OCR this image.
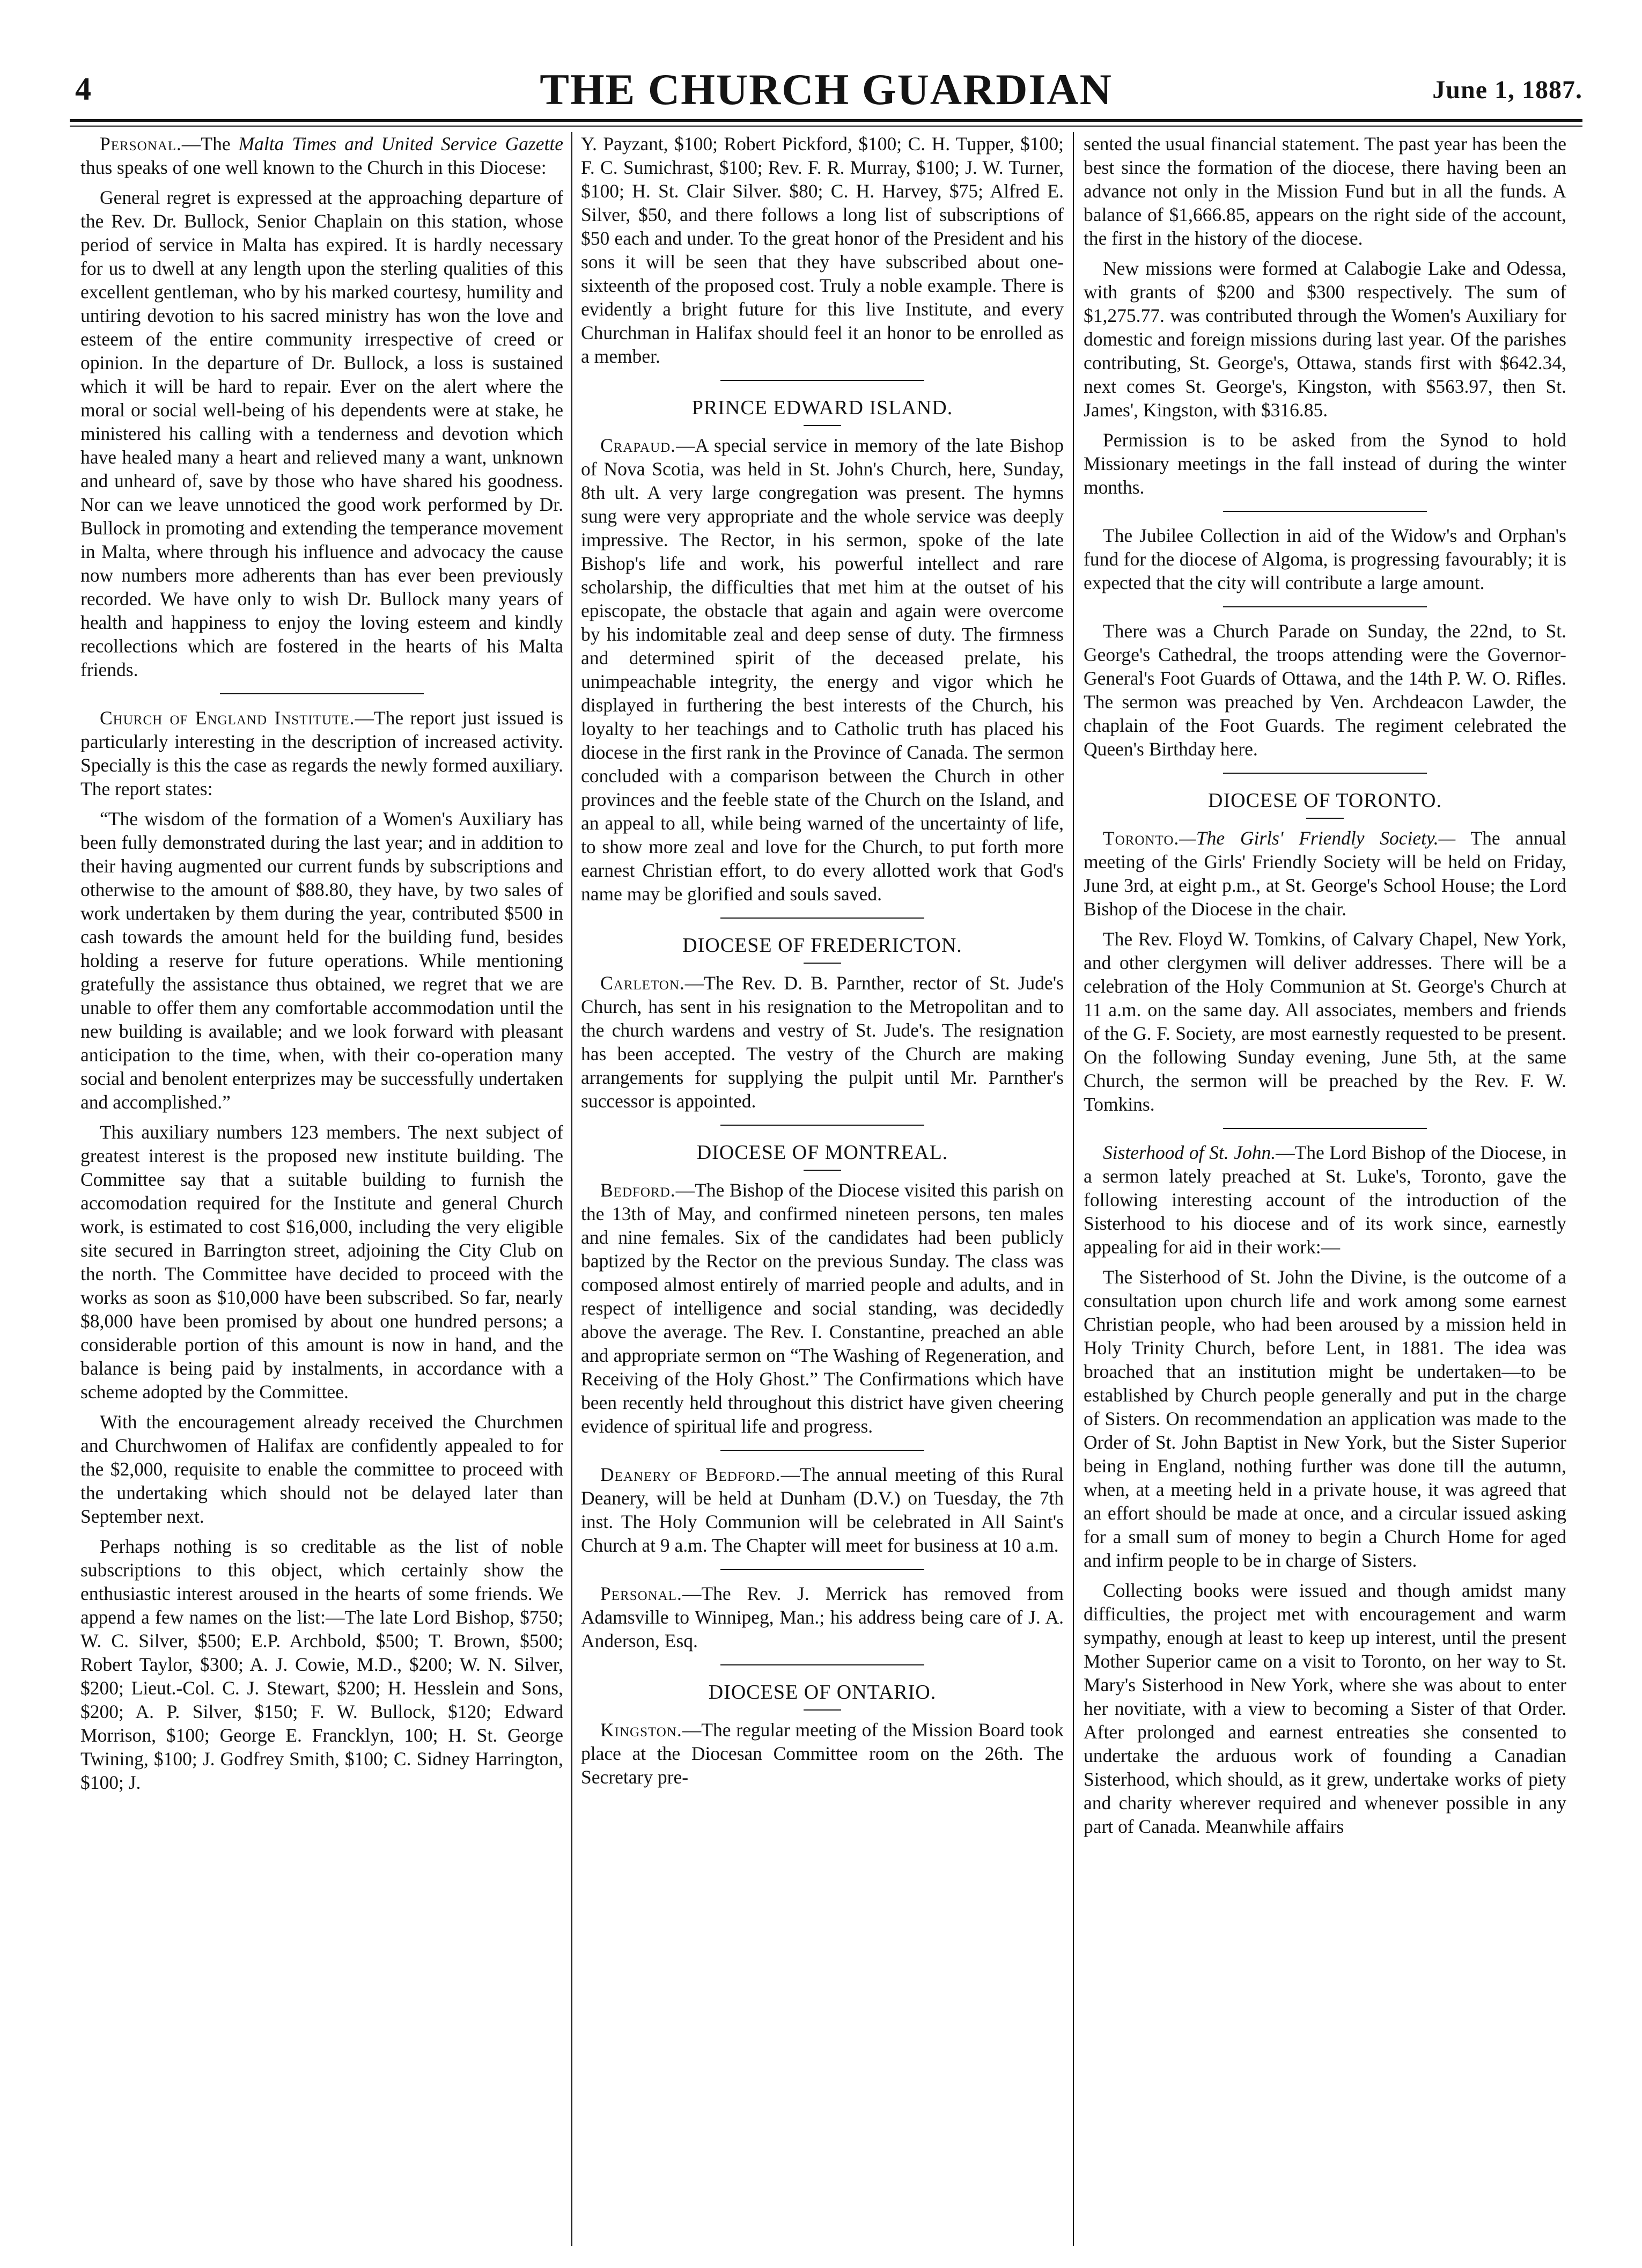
4	THE CHURCH GUARDIAN	June 1, 1887.

Personal.—The Malta Times and United Service Gazette thus speaks of one well known to the Church in this Diocese:

General regret is expressed at the approaching departure of the Rev. Dr. Bullock, Senior Chaplain on this station, whose period of service in Malta has expired. It is hardly necessary for us to dwell at any length upon the sterling qualities of this excellent gentleman, who by his marked courtesy, humility and untiring devotion to his sacred ministry has won the love and esteem of the entire community irrespective of creed or opinion. In the departure of Dr. Bullock, a loss is sustained which it will be hard to repair. Ever on the alert where the moral or social well-being of his dependents were at stake, he ministered his calling with a tenderness and devotion which have healed many a heart and relieved many a want, unknown and unheard of, save by those who have shared his goodness. Nor can we leave unnoticed the good work performed by Dr. Bullock in promoting and extending the temperance movement in Malta, where through his influence and advocacy the cause now numbers more adherents than has ever been previously recorded. We have only to wish Dr. Bullock many years of health and happiness to enjoy the loving esteem and kindly recollections which are fostered in the hearts of his Malta friends.

Church of England Institute.—The report just issued is particularly interesting in the description of increased activity. Specially is this the case as regards the newly formed auxiliary. The report states:

“The wisdom of the formation of a Women's Auxiliary has been fully demonstrated during the last year; and in addition to their having augmented our current funds by subscriptions and otherwise to the amount of $88.80, they have, by two sales of work undertaken by them during the year, contributed $500 in cash towards the amount held for the building fund, besides holding a reserve for future operations. While mentioning gratefully the assistance thus obtained, we regret that we are unable to offer them any comfortable accommodation until the new building is available; and we look forward with pleasant anticipation to the time, when, with their co-operation many social and benolent enterprizes may be successfully undertaken and accomplished.”

This auxiliary numbers 123 members. The next subject of greatest interest is the proposed new institute building. The Committee say that a suitable building to furnish the accomodation required for the Institute and general Church work, is estimated to cost $16,000, including the very eligible site secured in Barrington street, adjoining the City Club on the north. The Committee have decided to proceed with the works as soon as $10,000 have been subscribed. So far, nearly $8,000 have been promised by about one hundred persons; a considerable portion of this amount is now in hand, and the balance is being paid by instalments, in accordance with a scheme adopted by the Committee.

With the encouragement already received the Churchmen and Churchwomen of Halifax are confidently appealed to for the $2,000, requisite to enable the committee to proceed with the undertaking which should not be delayed later than September next.

Perhaps nothing is so creditable as the list of noble subscriptions to this object, which certainly show the enthusiastic interest aroused in the hearts of some friends. We append a few names on the list:—The late Lord Bishop, $750; W. C. Silver, $500; E.P. Archbold, $500; T. Brown, $500; Robert Taylor, $300; A. J. Cowie, M.D., $200; W. N. Silver, $200; Lieut.-Col. C. J. Stewart, $200; H. Hesslein and Sons, $200; A. P. Silver, $150; F. W. Bullock, $120; Edward Morrison, $100; George E. Francklyn, 100; H. St. George Twining, $100; J. Godfrey Smith, $100; C. Sidney Harrington, $100; J.

Y. Payzant, $100; Robert Pickford, $100; C. H. Tupper, $100; F. C. Sumichrast, $100; Rev. F. R. Murray, $100; J. W. Turner, $100; H. St. Clair Silver. $80; C. H. Harvey, $75; Alfred E. Silver, $50, and there follows a long list of subscriptions of $50 each and under. To the great honor of the President and his sons it will be seen that they have subscribed about one-sixteenth of the proposed cost. Truly a noble example. There is evidently a bright future for this live Institute, and every Churchman in Halifax should feel it an honor to be enrolled as a member.

PRINCE EDWARD ISLAND.

Crapaud.—A special service in memory of the late Bishop of Nova Scotia, was held in St. John's Church, here, Sunday, 8th ult. A very large congregation was present. The hymns sung were very appropriate and the whole service was deeply impressive. The Rector, in his sermon, spoke of the late Bishop's life and work, his powerful intellect and rare scholarship, the difficulties that met him at the outset of his episcopate, the obstacle that again and again were overcome by his indomitable zeal and deep sense of duty. The firmness and determined spirit of the deceased prelate, his unimpeachable integrity, the energy and vigor which he displayed in furthering the best interests of the Church, his loyalty to her teachings and to Catholic truth has placed his diocese in the first rank in the Province of Canada. The sermon concluded with a comparison between the Church in other provinces and the feeble state of the Church on the Island, and an appeal to all, while being warned of the uncertainty of life, to show more zeal and love for the Church, to put forth more earnest Christian effort, to do every allotted work that God's name may be glorified and souls saved.

DIOCESE OF FREDERICTON.

Carleton.—The Rev. D. B. Parnther, rector of St. Jude's Church, has sent in his resignation to the Metropolitan and to the church wardens and vestry of St. Jude's. The resignation has been accepted. The vestry of the Church are making arrangements for supplying the pulpit until Mr. Parnther's successor is appointed.

DIOCESE OF MONTREAL.

Bedford.—The Bishop of the Diocese visited this parish on the 13th of May, and confirmed nineteen persons, ten males and nine females. Six of the candidates had been publicly baptized by the Rector on the previous Sunday. The class was composed almost entirely of married people and adults, and in respect of intelligence and social standing, was decidedly above the average. The Rev. I. Constantine, preached an able and appropriate sermon on “The Washing of Regeneration, and Receiving of the Holy Ghost.” The Confirmations which have been recently held throughout this district have given cheering evidence of spiritual life and progress.

Deanery of Bedford.—The annual meeting of this Rural Deanery, will be held at Dunham (D.V.) on Tuesday, the 7th inst. The Holy Communion will be celebrated in All Saint's Church at 9 a.m. The Chapter will meet for business at 10 a.m.

Personal.—The Rev. J. Merrick has removed from Adamsville to Winnipeg, Man.; his address being care of J. A. Anderson, Esq.

DIOCESE OF ONTARIO.

Kingston.—The regular meeting of the Mission Board took place at the Diocesan Committee room on the 26th. The Secretary pre-

sented the usual financial statement. The past year has been the best since the formation of the diocese, there having been an advance not only in the Mission Fund but in all the funds. A balance of $1,666.85, appears on the right side of the account, the first in the history of the diocese.

New missions were formed at Calabogie Lake and Odessa, with grants of $200 and $300 respectively. The sum of $1,275.77. was contributed through the Women's Auxiliary for domestic and foreign missions during last year. Of the parishes contributing, St. George's, Ottawa, stands first with $642.34, next comes St. George's, Kingston, with $563.97, then St. James', Kingston, with $316.85.

Permission is to be asked from the Synod to hold Missionary meetings in the fall instead of during the winter months.

The Jubilee Collection in aid of the Widow's and Orphan's fund for the diocese of Algoma, is progressing favourably; it is expected that the city will contribute a large amount.

There was a Church Parade on Sunday, the 22nd, to St. George's Cathedral, the troops attending were the Governor-General's Foot Guards of Ottawa, and the 14th P. W. O. Rifles. The sermon was preached by Ven. Archdeacon Lawder, the chaplain of the Foot Guards. The regiment celebrated the Queen's Birthday here.

DIOCESE OF TORONTO.

Toronto.—The Girls' Friendly Society.— The annual meeting of the Girls' Friendly Society will be held on Friday, June 3rd, at eight p.m., at St. George's School House; the Lord Bishop of the Diocese in the chair.

The Rev. Floyd W. Tomkins, of Calvary Chapel, New York, and other clergymen will deliver addresses. There will be a celebration of the Holy Communion at St. George's Church at 11 a.m. on the same day. All associates, members and friends of the G. F. Society, are most earnestly requested to be present. On the following Sunday evening, June 5th, at the same Church, the sermon will be preached by the Rev. F. W. Tomkins.

Sisterhood of St. John.—The Lord Bishop of the Diocese, in a sermon lately preached at St. Luke's, Toronto, gave the following interesting account of the introduction of the Sisterhood to his diocese and of its work since, earnestly appealing for aid in their work:—

The Sisterhood of St. John the Divine, is the outcome of a consultation upon church life and work among some earnest Christian people, who had been aroused by a mission held in Holy Trinity Church, before Lent, in 1881. The idea was broached that an institution might be undertaken—to be established by Church people generally and put in the charge of Sisters. On recommendation an application was made to the Order of St. John Baptist in New York, but the Sister Superior being in England, nothing further was done till the autumn, when, at a meeting held in a private house, it was agreed that an effort should be made at once, and a circular issued asking for a small sum of money to begin a Church Home for aged and infirm people to be in charge of Sisters.

Collecting books were issued and though amidst many difficulties, the project met with encouragement and warm sympathy, enough at least to keep up interest, until the present Mother Superior came on a visit to Toronto, on her way to St. Mary's Sisterhood in New York, where she was about to enter her novitiate, with a view to becoming a Sister of that Order. After prolonged and earnest entreaties she consented to undertake the arduous work of founding a Canadian Sisterhood, which should, as it grew, undertake works of piety and charity wherever required and whenever possible in any part of Canada. Meanwhile affairs
